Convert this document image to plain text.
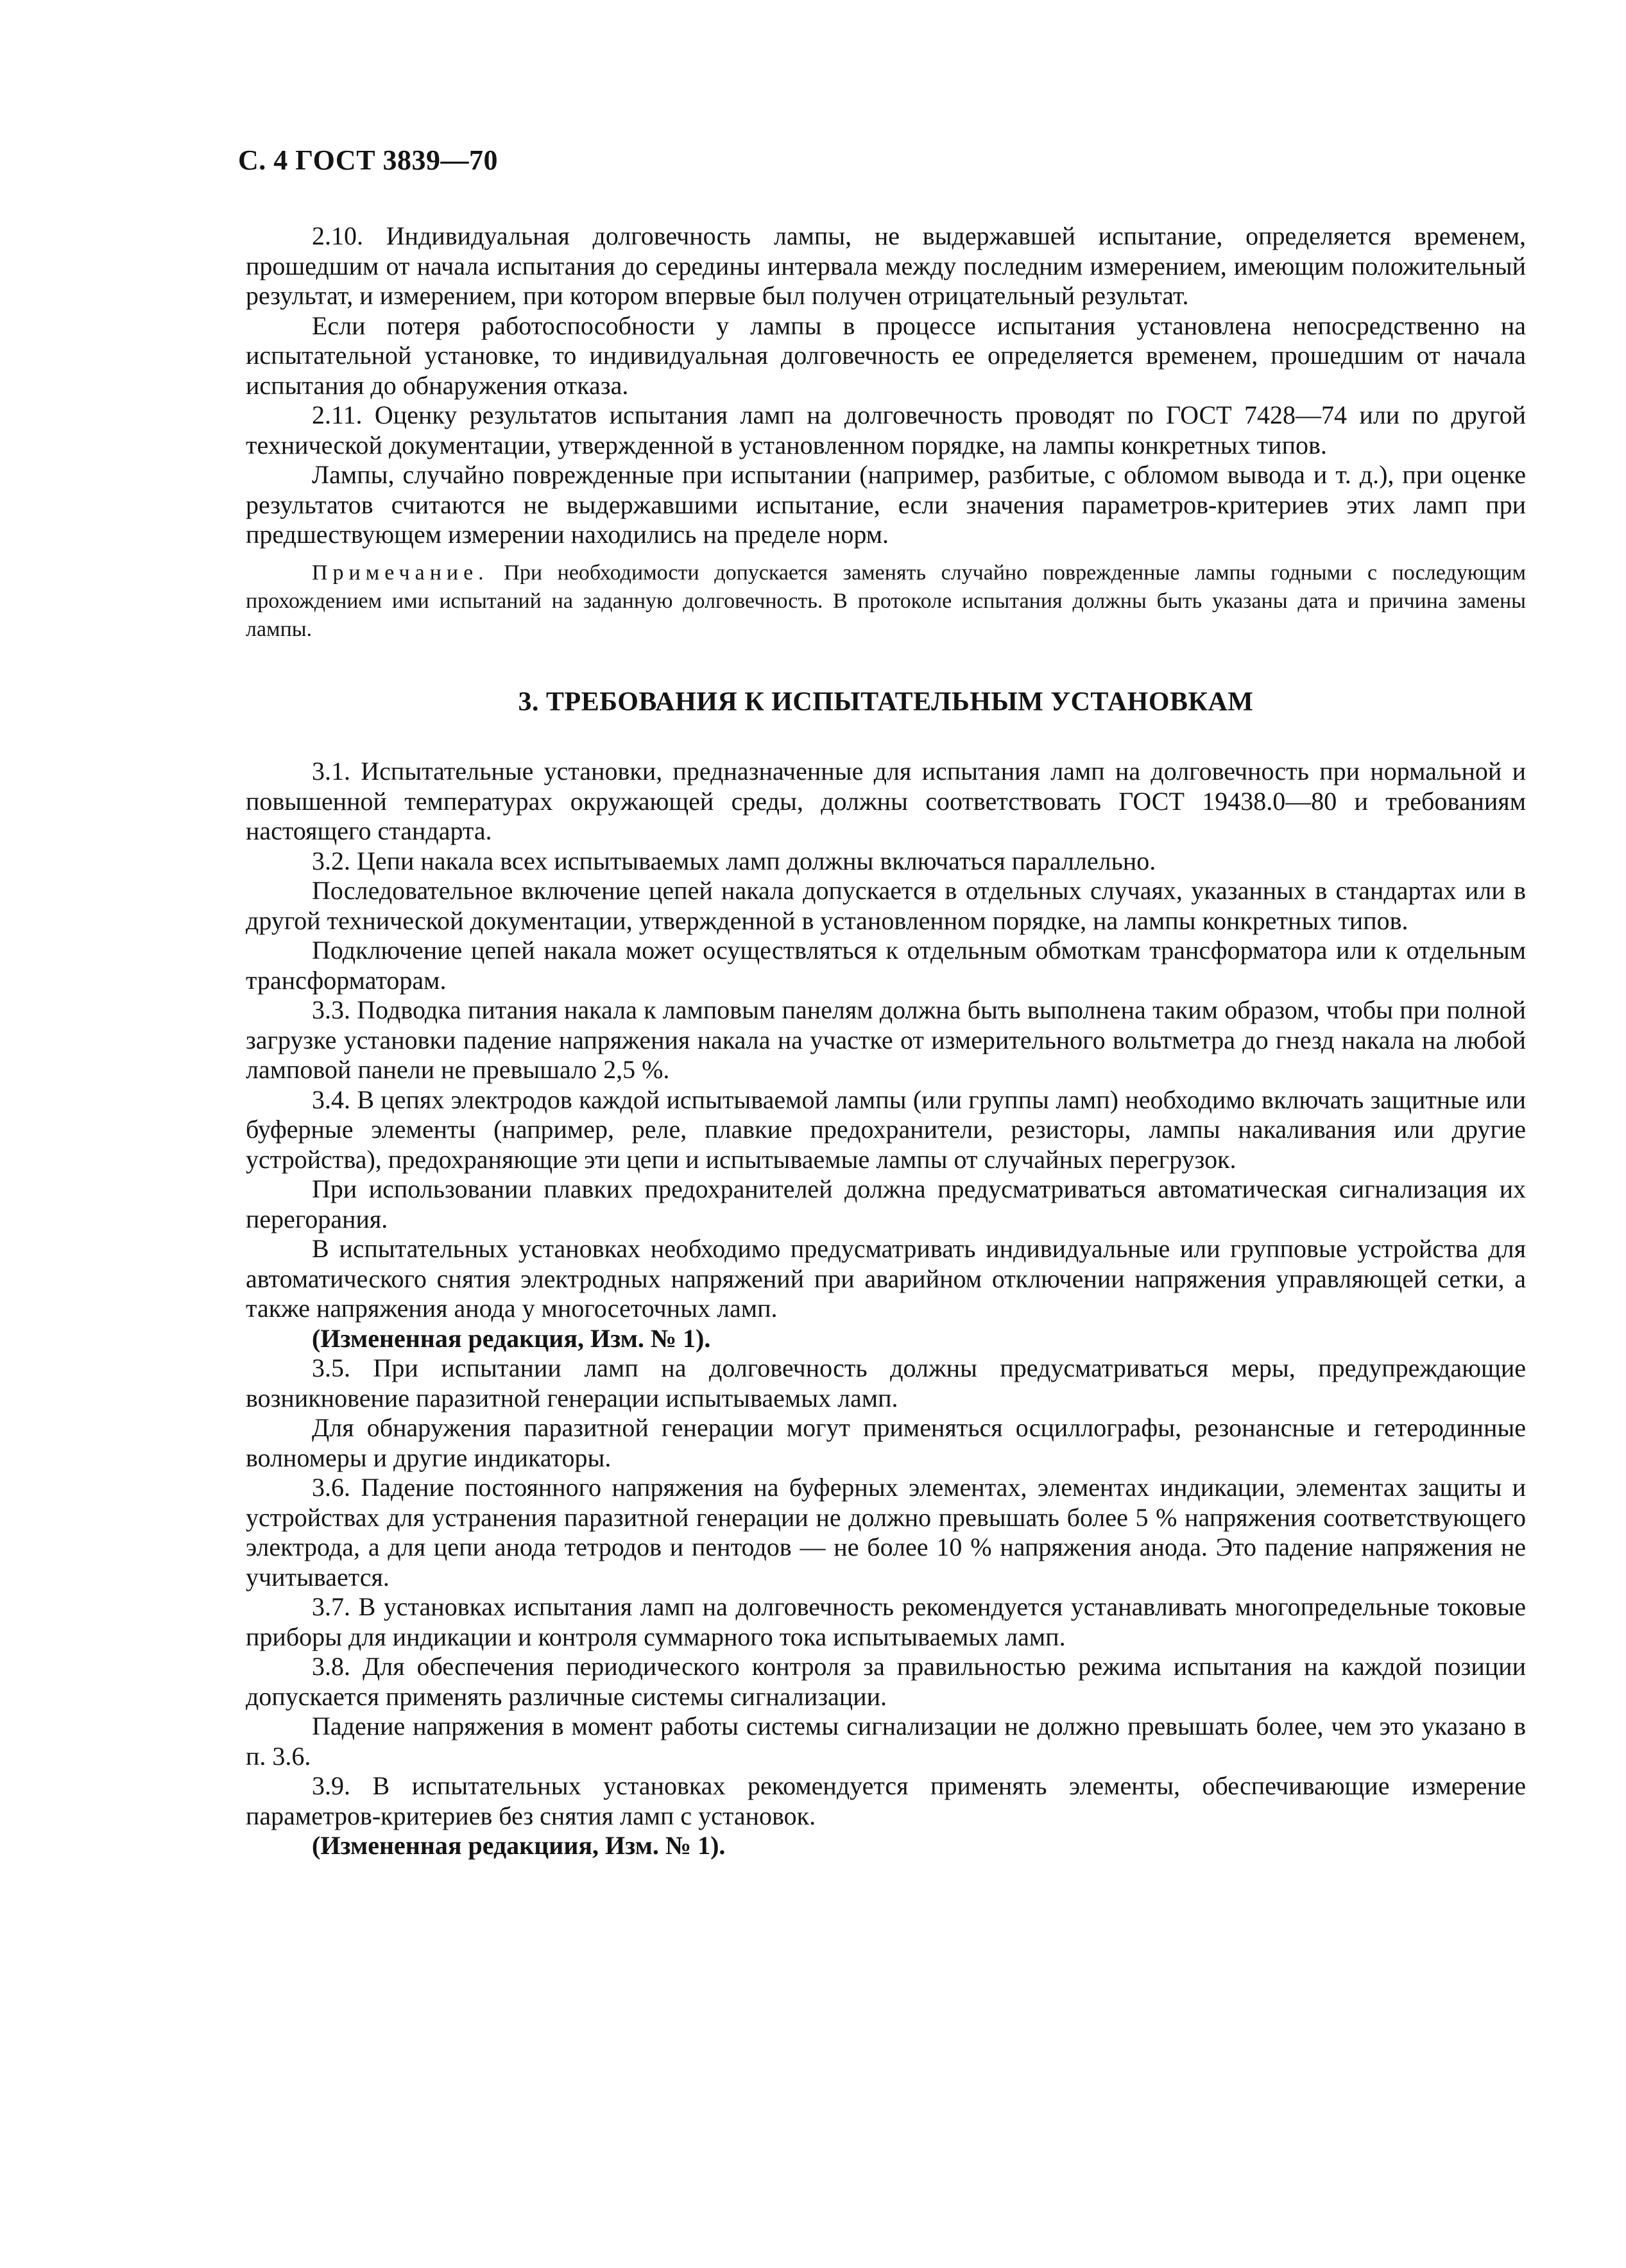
С. 4 ГОСТ 3839—70

2.10. Индивидуальная долговечность лампы, не выдержавшей испытание, определяется временем, прошедшим от начала испытания до середины интервала между последним измерением, имеющим положительный результат, и измерением, при котором впервые был получен отрицательный результат.

Если потеря работоспособности у лампы в процессе испытания установлена непосредственно на испытательной установке, то индивидуальная долговечность ее определяется временем, прошедшим от начала испытания до обнаружения отказа.

2.11. Оценку результатов испытания ламп на долговечность проводят по ГОСТ 7428—74 или по другой технической документации, утвержденной в установленном порядке, на лампы конкретных типов.

Лампы, случайно поврежденные при испытании (например, разбитые, с обломом вывода и т. д.), при оценке результатов считаются не выдержавшими испытание, если значения параметров-критериев этих ламп при предшествующем измерении находились на пределе норм.

Примечание. При необходимости допускается заменять случайно поврежденные лампы годными с последующим прохождением ими испытаний на заданную долговечность. В протоколе испытания должны быть указаны дата и причина замены лампы.

3. ТРЕБОВАНИЯ К ИСПЫТАТЕЛЬНЫМ УСТАНОВКАМ

3.1. Испытательные установки, предназначенные для испытания ламп на долговечность при нормальной и повышенной температурах окружающей среды, должны соответствовать ГОСТ 19438.0—80 и требованиям настоящего стандарта.

3.2. Цепи накала всех испытываемых ламп должны включаться параллельно.

Последовательное включение цепей накала допускается в отдельных случаях, указанных в стандартах или в другой технической документации, утвержденной в установленном порядке, на лампы конкретных типов.

Подключение цепей накала может осуществляться к отдельным обмоткам трансформатора или к отдельным трансформаторам.

3.3. Подводка питания накала к ламповым панелям должна быть выполнена таким образом, чтобы при полной загрузке установки падение напряжения накала на участке от измерительного вольтметра до гнезд накала на любой ламповой панели не превышало 2,5 %.

3.4. В цепях электродов каждой испытываемой лампы (или группы ламп) необходимо включать защитные или буферные элементы (например, реле, плавкие предохранители, резисторы, лампы накаливания или другие устройства), предохраняющие эти цепи и испытываемые лампы от случайных перегрузок.

При использовании плавких предохранителей должна предусматриваться автоматическая сигнализация их перегорания.

В испытательных установках необходимо предусматривать индивидуальные или групповые устройства для автоматического снятия электродных напряжений при аварийном отключении напряжения управляющей сетки, а также напряжения анода у многосеточных ламп.

(Измененная редакция, Изм. № 1).

3.5. При испытании ламп на долговечность должны предусматриваться меры, предупреждающие возникновение паразитной генерации испытываемых ламп.

Для обнаружения паразитной генерации могут применяться осциллографы, резонансные и гетеродинные волномеры и другие индикаторы.

3.6. Падение постоянного напряжения на буферных элементах, элементах индикации, элементах защиты и устройствах для устранения паразитной генерации не должно превышать более 5 % напряжения соответствующего электрода, а для цепи анода тетродов и пентодов — не более 10 % напряжения анода. Это падение напряжения не учитывается.

3.7. В установках испытания ламп на долговечность рекомендуется устанавливать многопредельные токовые приборы для индикации и контроля суммарного тока испытываемых ламп.

3.8. Для обеспечения периодического контроля за правильностью режима испытания на каждой позиции допускается применять различные системы сигнализации.

Падение напряжения в момент работы системы сигнализации не должно превышать более, чем это указано в п. 3.6.

3.9. В испытательных установках рекомендуется применять элементы, обеспечивающие измерение параметров-критериев без снятия ламп с установок.

(Измененная редакциия, Изм. № 1).
